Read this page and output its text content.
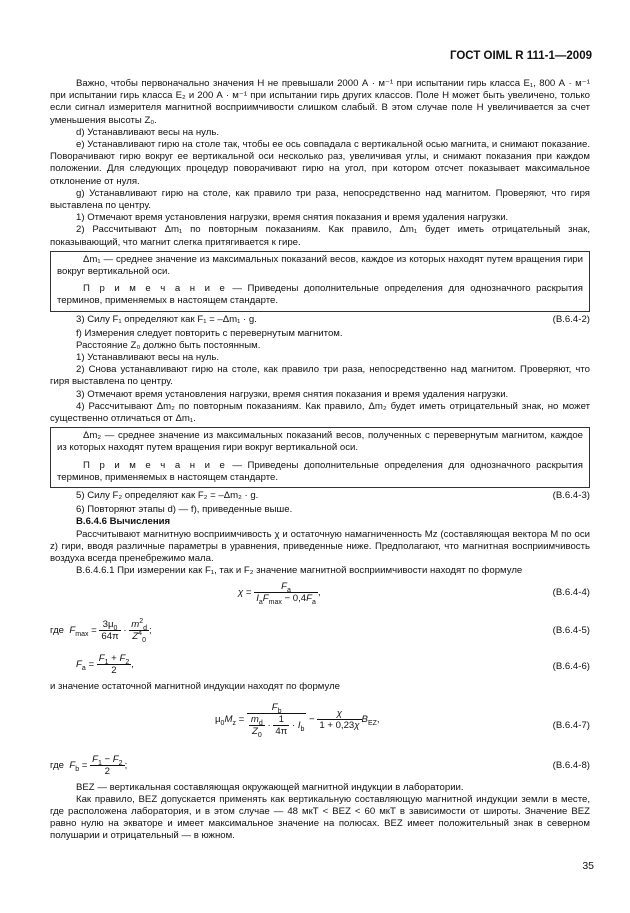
ГОСТ OIML R 111-1—2009

Важно, чтобы первоначально значения H не превышали 2000 А · м⁻¹ при испытании гирь класса E₁, 800 А · м⁻¹ при испытании гирь класса E₂ и 200 А · м⁻¹ при испытании гирь других классов. Поле H может быть увеличено, только если сигнал измерителя магнитной восприимчивости слишком слабый. В этом случае поле H увеличивается за счет уменьшения высоты Z₀.

d) Устанавливают весы на нуль.

e) Устанавливают гирю на столе так, чтобы ее ось совпадала с вертикальной осью магнита, и снимают показание. Поворачивают гирю вокруг ее вертикальной оси несколько раз, увеличивая углы, и снимают показания при каждом положении. Для следующих процедур поворачивают гирю на угол, при котором отсчет показывает максимальное отклонение от нуля.

g) Устанавливают гирю на столе, как правило три раза, непосредственно над магнитом. Проверяют, что гиря выставлена по центру.

1) Отмечают время установления нагрузки, время снятия показания и время удаления нагрузки.

2) Рассчитывают Δm₁ по повторным показаниям. Как правило, Δm₁ будет иметь отрицательный знак, показывающий, что магнит слегка притягивается к гире.

Δm₁ — среднее значение из максимальных показаний весов, каждое из которых находят путем вращения гири вокруг вертикальной оси.

П р и м е ч а н и е — Приведены дополнительные определения для однозначного раскрытия терминов, применяемых в настоящем стандарте.

3) Силу F₁ определяют как F₁ = –Δm₁ · g.	(B.6.4-2)

f) Измерения следует повторить с перевернутым магнитом.

Расстояние Z₀ должно быть постоянным.

1) Устанавливают весы на нуль.

2) Снова устанавливают гирю на столе, как правило три раза, непосредственно над магнитом. Проверяют, что гиря выставлена по центру.

3) Отмечают время установления нагрузки, время снятия показания и время удаления нагрузки.

4) Рассчитывают Δm₂ по повторным показаниям. Как правило, Δm₂ будет иметь отрицательный знак, но может существенно отличаться от Δm₁.

Δm₂ — среднее значение из максимальных показаний весов, полученных с перевернутым магнитом, каждое из которых находят путем вращения гири вокруг вертикальной оси.

П р и м е ч а н и е — Приведены дополнительные определения для однозначного раскрытия терминов, применяемых в настоящем стандарте.

5) Силу F₂ определяют как F₂ = –Δm₂ · g.	(B.6.4-3)

6) Повторяют этапы d) — f), приведенные выше.

B.6.4.6 Вычисления

Рассчитывают магнитную восприимчивость χ и остаточную намагниченность Mz (составляющая вектора M по оси z) гири, вводя различные параметры в уравнения, приведенные ниже. Предполагают, что магнитная восприимчивость воздуха всегда пренебрежимо мала.

B.6.4.6.1 При измерении как F₁, так и F₂ значение магнитной восприимчивости находят по формуле

χ =
$F_a$
$I_aF_{max} - 0,4F_a$
,	(B.6.4-4)
где $F_{max} = \frac{3\mu_0}{64\pi} \cdot \frac{m^2_d}{Z^4_0}$ ;	(B.6.4-5)
$F_a = \frac{F_1 + F_2}{2}$ ,	(B.6.4-6)

и значение остаточной магнитной индукции находят по формуле

$\mu_0M_z$ =
$F_b$
$\frac{m_d}{Z_0} \cdot \frac{1}{4\pi} \cdot I_b$
− $\frac{\chi}{1 + 0,23\chi} B_{EZ}$,
(B.6.4-7)
где $F_b = \frac{F_1 - F_2}{2}$ ;	(B.6.4-8)

BEZ — вертикальная составляющая окружающей магнитной индукции в лаборатории.

Как правило, BEZ допускается применять как вертикальную составляющую магнитной индукции земли в месте, где расположена лаборатория, и в этом случае — 48 мкТ < BEZ < 60 мкТ в зависимости от широты. Значение BEZ равно нулю на экваторе и имеет максимальное значение на полюсах. BEZ имеет положительный знак в северном полушарии и отрицательный — в южном.

35
